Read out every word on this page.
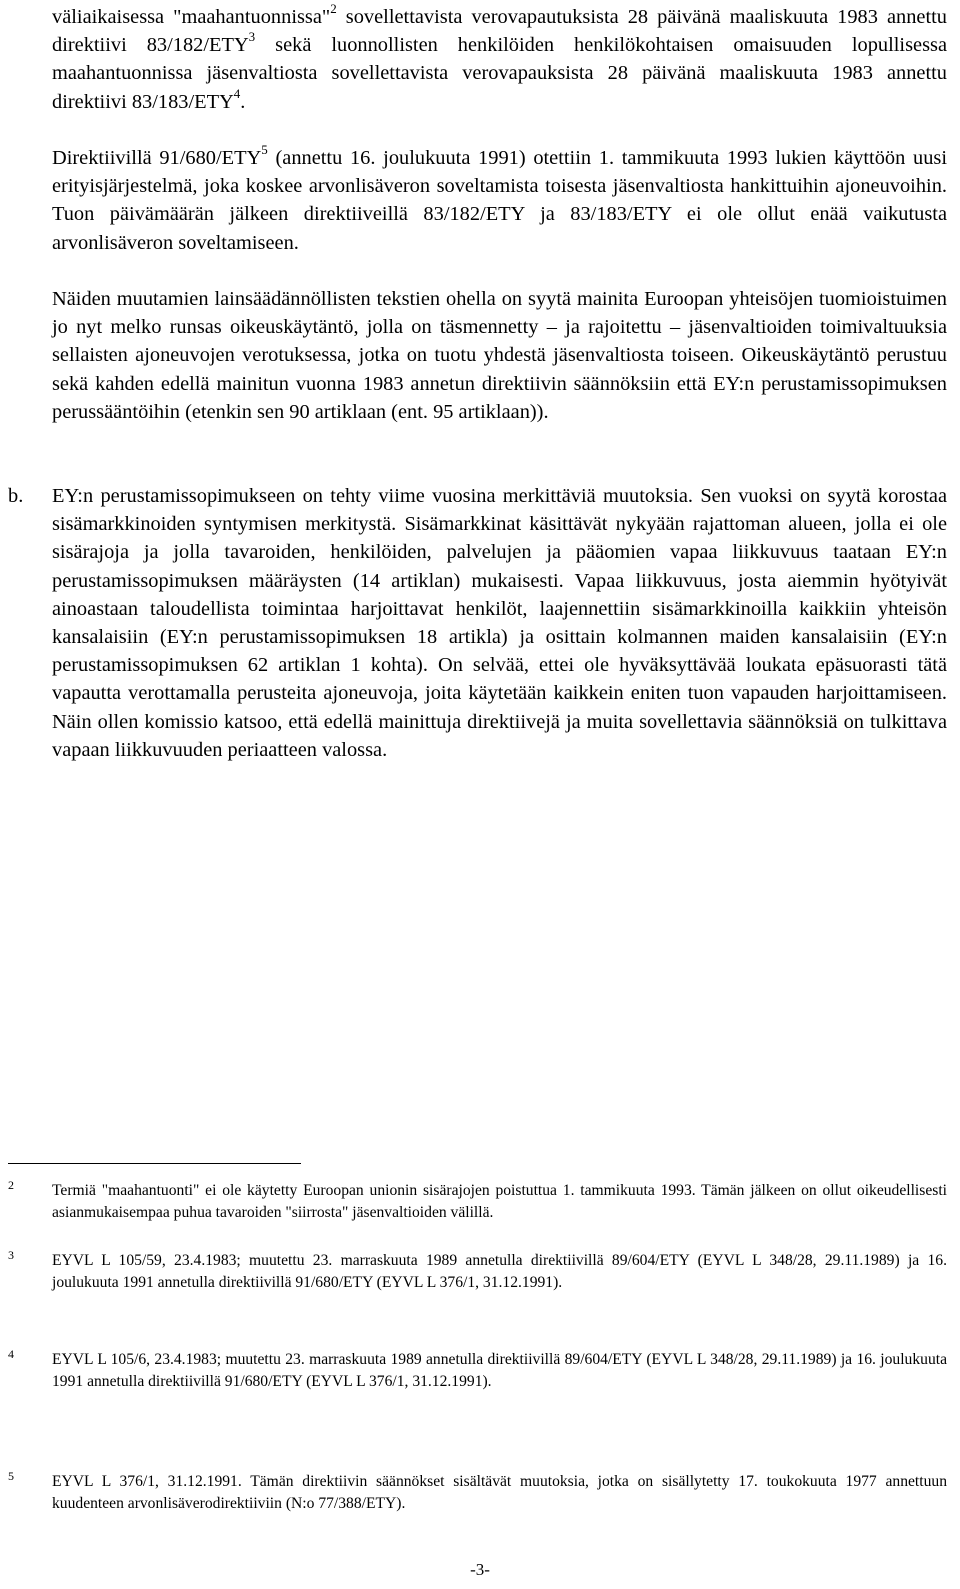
väliaikaisessa "maahantuonnissa"$^2$ sovellettavista verovapautuksista 28 päivänä maaliskuuta 1983 annettu direktiivi 83/182/ETY$^3$ sekä luonnollisten henkilöiden henkilökohtaisen omaisuuden lopullisessa maahantuonnissa jäsenvaltiosta sovellettavista verovapauksista 28 päivänä maaliskuuta 1983 annettu direktiivi 83/183/ETY$^4$.

Direktiivillä 91/680/ETY$^5$ (annettu 16. joulukuuta 1991) otettiin 1. tammikuuta 1993 lukien käyttöön uusi erityisjärjestelmä, joka koskee arvonlisäveron soveltamista toisesta jäsenvaltiosta hankittuihin ajoneuvoihin. Tuon päivämäärän jälkeen direktiiveillä 83/182/ETY ja 83/183/ETY ei ole ollut enää vaikutusta arvonlisäveron soveltamiseen.

Näiden muutamien lainsäädännöllisten tekstien ohella on syytä mainita Euroopan yhteisöjen tuomioistuimen jo nyt melko runsas oikeuskäytäntö, jolla on täsmennetty – ja rajoitettu – jäsenvaltioiden toimivaltuuksia sellaisten ajoneuvojen verotuksessa, jotka on tuotu yhdestä jäsenvaltiosta toiseen. Oikeuskäytäntö perustuu sekä kahden edellä mainitun vuonna 1983 annetun direktiivin säännöksiin että EY:n perustamissopimuksen perussääntöihin (etenkin sen 90 artiklaan (ent. 95 artiklaan)).

b. EY:n perustamissopimukseen on tehty viime vuosina merkittäviä muutoksia. Sen vuoksi on syytä korostaa sisämarkkinoiden syntymisen merkitystä. Sisämarkkinat käsittävät nykyään rajattoman alueen, jolla ei ole sisärajoja ja jolla tavaroiden, henkilöiden, palvelujen ja pääomien vapaa liikkuvuus taataan EY:n perustamissopimuksen määräysten (14 artiklan) mukaisesti. Vapaa liikkuvuus, josta aiemmin hyötyivät ainoastaan taloudellista toimintaa harjoittavat henkilöt, laajennettiin sisämarkkinoilla kaikkiin yhteisön kansalaisiin (EY:n perustamissopimuksen 18 artikla) ja osittain kolmannen maiden kansalaisiin (EY:n perustamissopimuksen 62 artiklan 1 kohta). On selvää, ettei ole hyväksyttävää loukata epäsuorasti tätä vapautta verottamalla perusteita ajoneuvoja, joita käytetään kaikkein eniten tuon vapauden harjoittamiseen. Näin ollen komissio katsoo, että edellä mainittuja direktiivejä ja muita sovellettavia säännöksiä on tulkittava vapaan liikkuvuuden periaatteen valossa.
2 Termiä "maahantuonti" ei ole käytetty Euroopan unionin sisärajojen poistuttua 1. tammikuuta 1993. Tämän jälkeen on ollut oikeudellisesti asianmukaisempaa puhua tavaroiden "siirrosta" jäsenvaltioiden välillä.
3 EYVL L 105/59, 23.4.1983; muutettu 23. marraskuuta 1989 annetulla direktiivillä 89/604/ETY (EYVL L 348/28, 29.11.1989) ja 16. joulukuuta 1991 annetulla direktiivillä 91/680/ETY (EYVL L 376/1, 31.12.1991).
4 EYVL L 105/6, 23.4.1983; muutettu 23. marraskuuta 1989 annetulla direktiivillä 89/604/ETY (EYVL L 348/28, 29.11.1989) ja 16. joulukuuta 1991 annetulla direktiivillä 91/680/ETY (EYVL L 376/1, 31.12.1991).
5 EYVL L 376/1, 31.12.1991. Tämän direktiivin säännökset sisältävät muutoksia, jotka on sisällytetty 17. toukokuuta 1977 annettuun kuudenteen arvonlisäverodirektiiviin (N:o 77/388/ETY).
-3-
